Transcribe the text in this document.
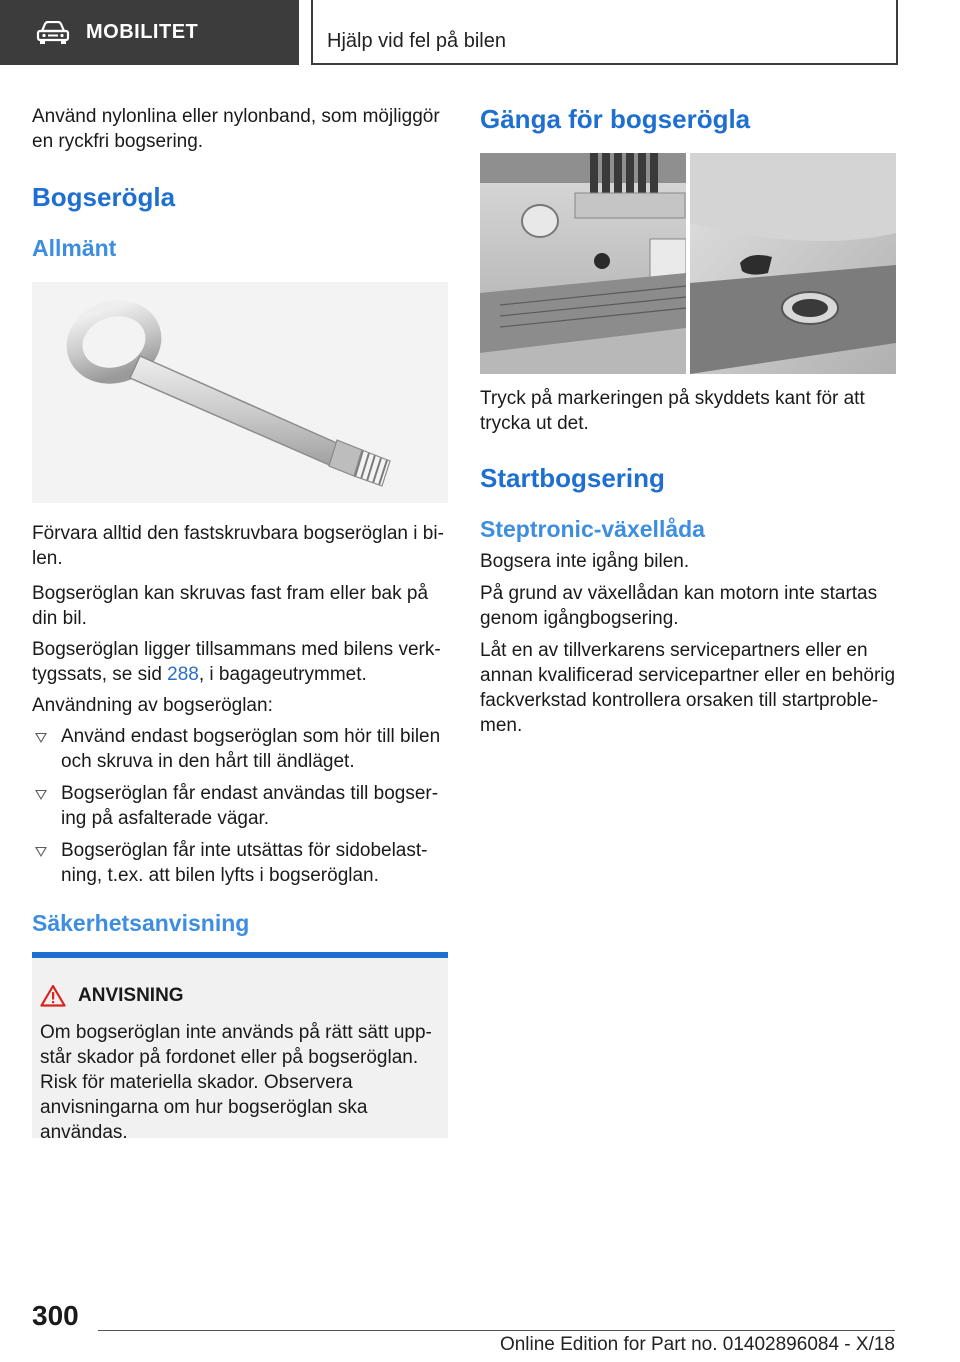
MOBILITET	Hjälp vid fel på bilen

Använd nylonlina eller nylonband, som möjliggör en ryckfri bogsering.

Bogserögla
Allmänt

Förvara alltid den fastskruvbara bogseröglan i bilen.

Bogseröglan kan skruvas fast fram eller bak på din bil.

Bogseröglan ligger tillsammans med bilens verktygssats, se sid 288, i bagageutrymmet.

Användning av bogseröglan:

Använd endast bogseröglan som hör till bilen och skruva in den hårt till ändläget.
Bogseröglan får endast användas till bogsering på asfalterade vägar.
Bogseröglan får inte utsättas för sidobelastning, t.ex. att bilen lyfts i bogseröglan.
Säkerhetsanvisning
ANVISNING
Om bogseröglan inte används på rätt sätt uppstår skador på fordonet eller på bogseröglan. Risk för materiella skador. Observera anvisningarna om hur bogseröglan ska användas.
Gänga för bogserögla

Tryck på markeringen på skyddets kant för att trycka ut det.

Startbogsering
Steptronic-växellåda

Bogsera inte igång bilen.

På grund av växellådan kan motorn inte startas genom igångbogsering.

Låt en av tillverkarens servicepartners eller en annan kvalificerad servicepartner eller en behörig fackverkstad kontrollera orsaken till startproblemen.

300
Online Edition for Part no. 01402896084 - X/18
